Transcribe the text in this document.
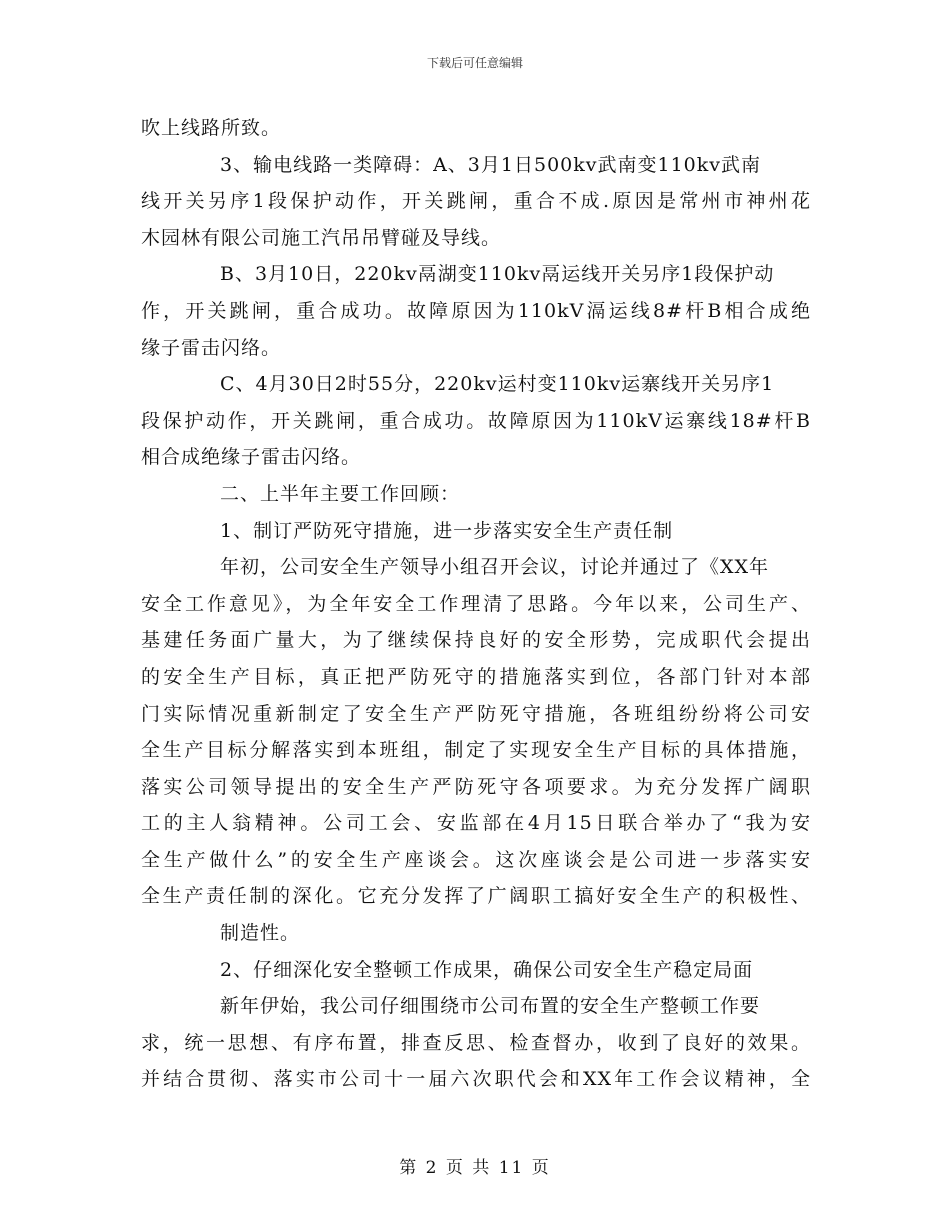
下载后可任意编辑
吹上线路所致。
3、输电线路一类障碍：A、3月1日500kv武南变110kv武南
线开关另序1段保护动作，开关跳闸，重合不成.原因是常州市神州花
木园林有限公司施工汽吊吊臂碰及导线。
B、3月10日，220kv鬲湖变110kv鬲运线开关另序1段保护动
作，开关跳闸，重合成功。故障原因为110kV滆运线8#杆B相合成绝
缘子雷击闪络。
C、4月30日2时55分，220kv运村变110kv运寨线开关另序1
段保护动作，开关跳闸，重合成功。故障原因为110kV运寨线18#杆B
相合成绝缘子雷击闪络。
二、上半年主要工作回顾：
1、制订严防死守措施，进一步落实安全生产责任制
年初，公司安全生产领导小组召开会议，讨论并通过了《XX年
安全工作意见》，为全年安全工作理清了思路。今年以来，公司生产、
基建任务面广量大，为了继续保持良好的安全形势，完成职代会提出
的安全生产目标，真正把严防死守的措施落实到位，各部门针对本部
门实际情况重新制定了安全生产严防死守措施，各班组纷纷将公司安
全生产目标分解落实到本班组，制定了实现安全生产目标的具体措施，
落实公司领导提出的安全生产严防死守各项要求。为充分发挥广阔职
工的主人翁精神。公司工会、安监部在4月15日联合举办了“我为安
全生产做什么”的安全生产座谈会。这次座谈会是公司进一步落实安
全生产责任制的深化。它充分发挥了广阔职工搞好安全生产的积极性、
制造性。
2、仔细深化安全整顿工作成果，确保公司安全生产稳定局面
新年伊始，我公司仔细围绕市公司布置的安全生产整顿工作要
求，统一思想、有序布置，排查反思、检查督办，收到了良好的效果。
并结合贯彻、落实市公司十一届六次职代会和XX年工作会议精神，全
第 2 页 共 11 页
